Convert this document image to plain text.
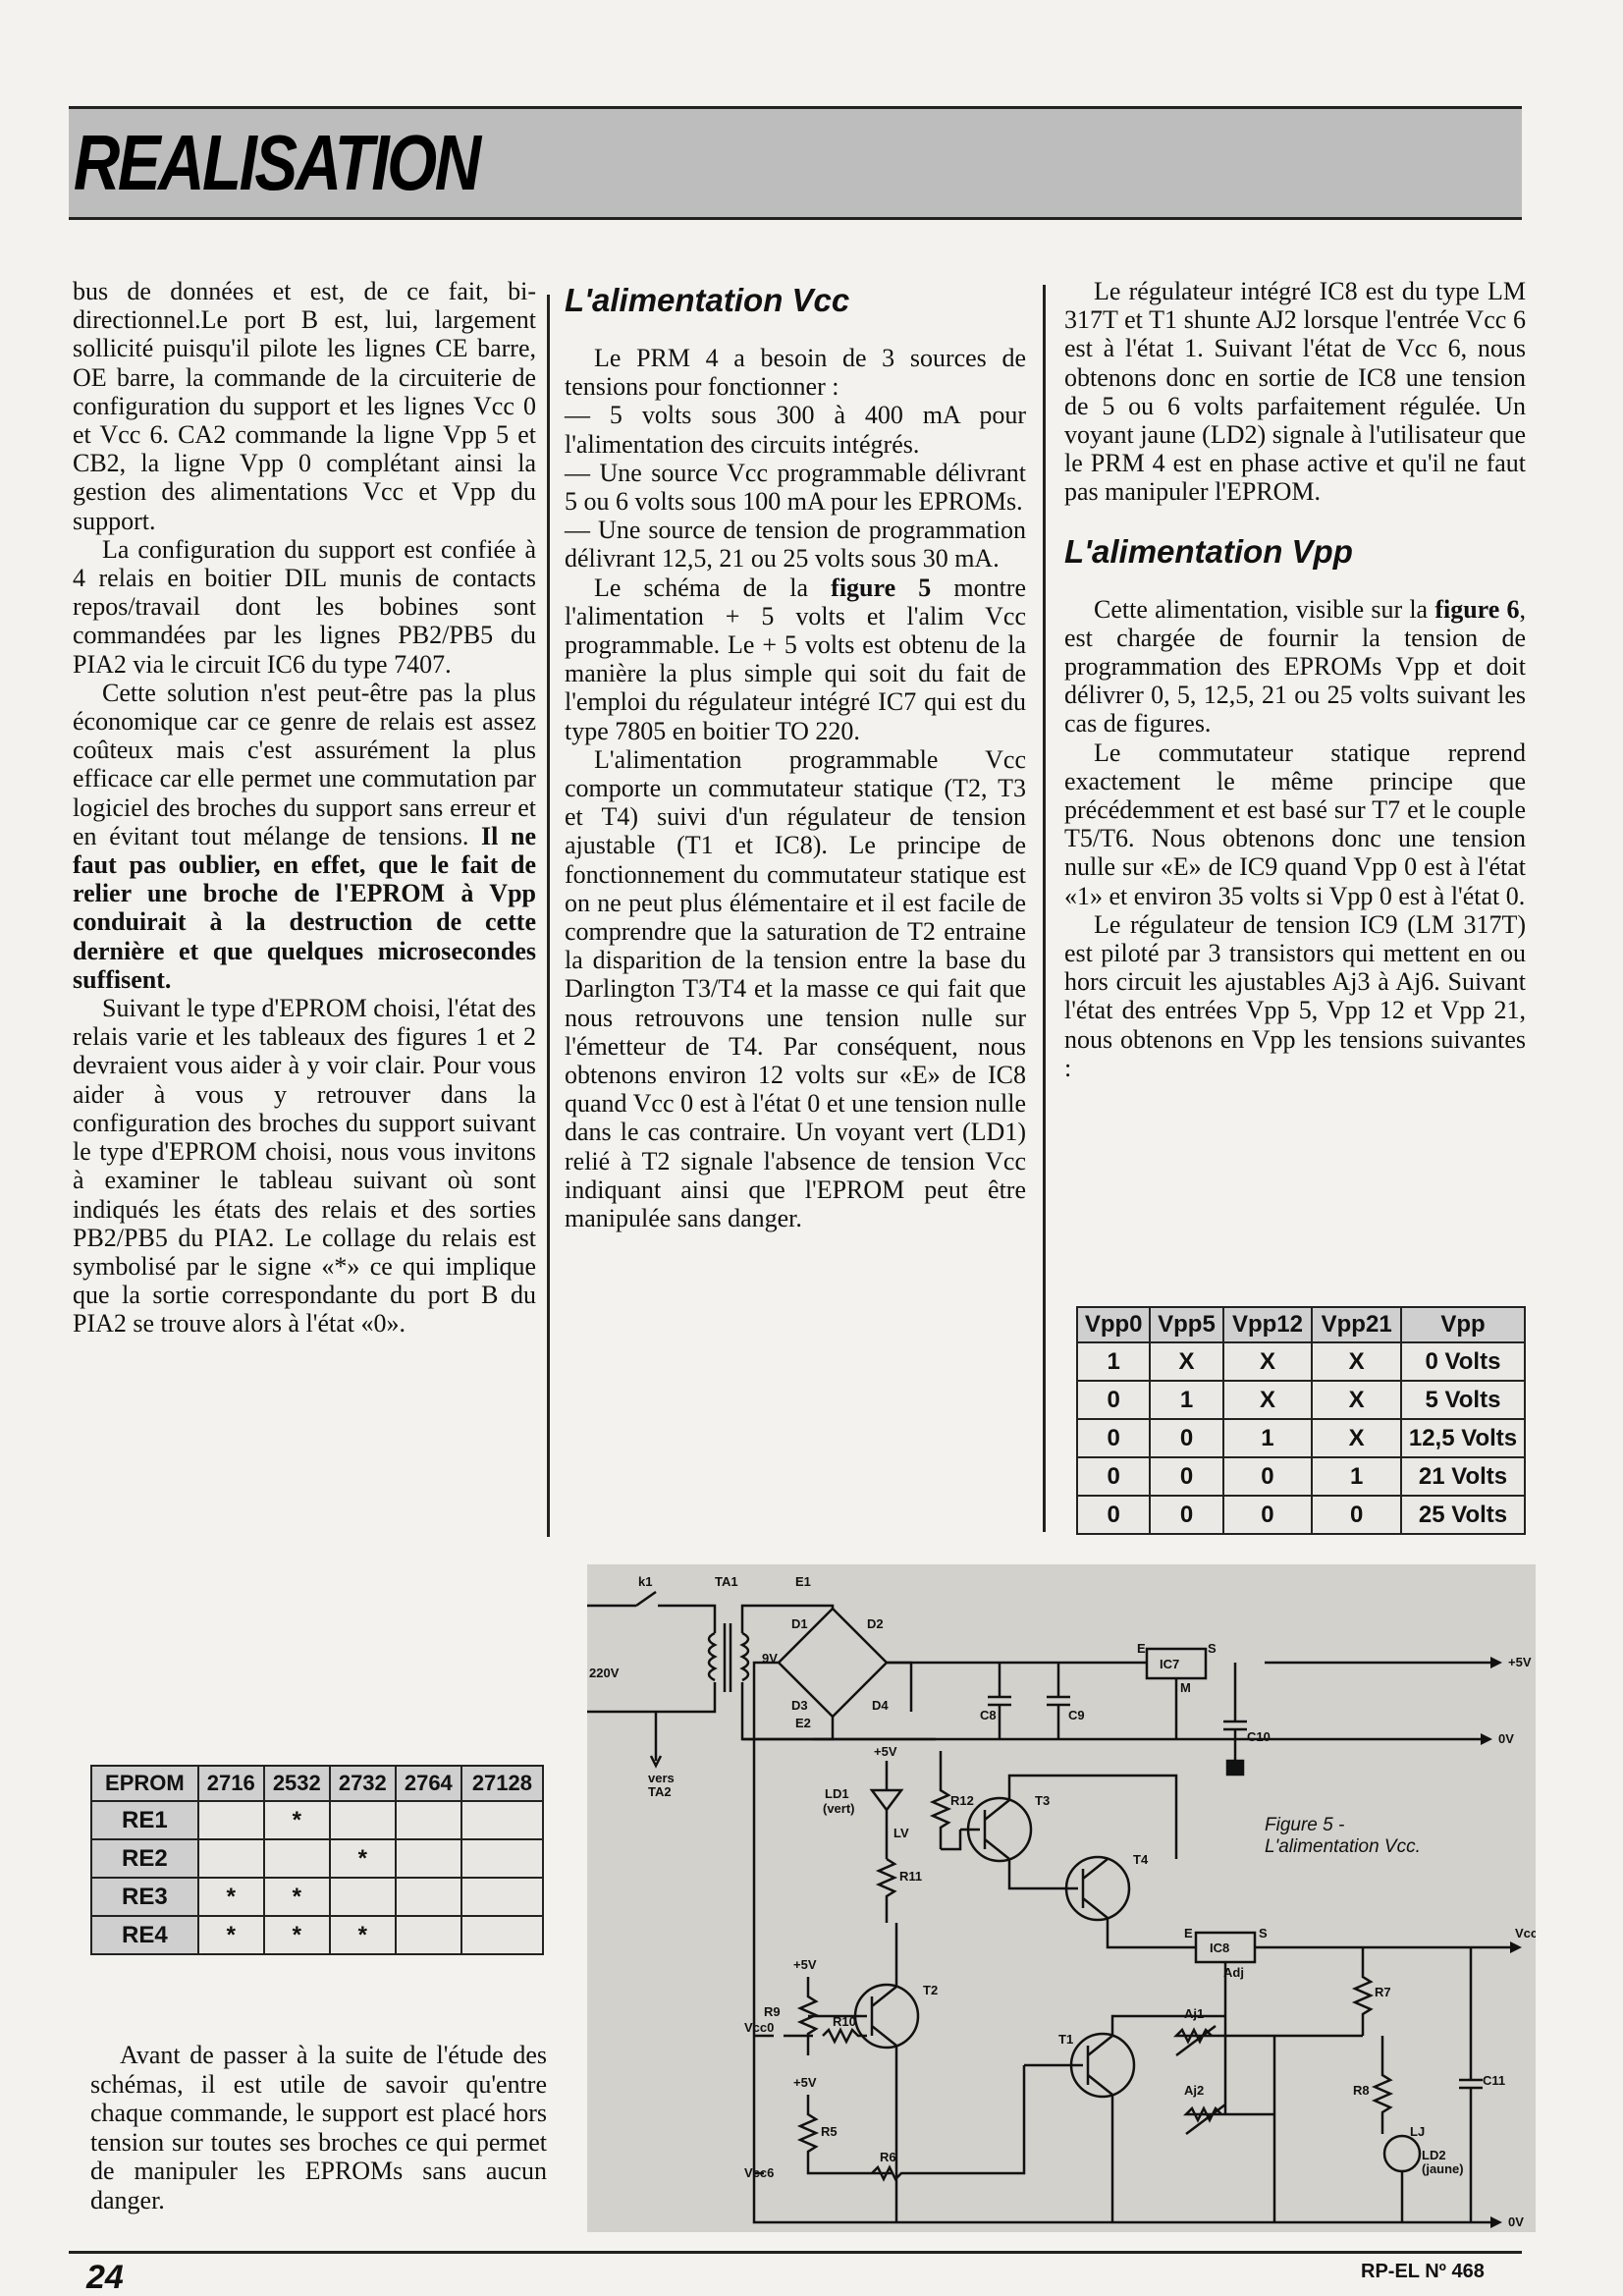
REALISATION

bus de données et est, de ce fait, bi-directionnel.Le port B est, lui, largement sollicité puisqu'il pilote les lignes CE barre, OE barre, la commande de la circuiterie de configuration du support et les lignes Vcc 0 et Vcc 6. CA2 commande la ligne Vpp 5 et CB2, la ligne Vpp 0 complétant ainsi la gestion des alimentations Vcc et Vpp du support.

La configuration du support est confiée à 4 relais en boitier DIL munis de contacts repos/travail dont les bobines sont commandées par les lignes PB2/PB5 du PIA2 via le circuit IC6 du type 7407.

Cette solution n'est peut-être pas la plus économique car ce genre de relais est assez coûteux mais c'est assurément la plus efficace car elle permet une commutation par logiciel des broches du support sans erreur et en évitant tout mélange de tensions. Il ne faut pas oublier, en effet, que le fait de relier une broche de l'EPROM à Vpp conduirait à la destruction de cette dernière et que quelques microsecondes suffisent.

Suivant le type d'EPROM choisi, l'état des relais varie et les tableaux des figures 1 et 2 devraient vous aider à y voir clair. Pour vous aider à vous y retrouver dans la configuration des broches du support suivant le type d'EPROM choisi, nous vous invitons à examiner le tableau suivant où sont indiqués les états des relais et des sorties PB2/PB5 du PIA2. Le collage du relais est symbolisé par le signe «*» ce qui implique que la sortie correspondante du port B du PIA2 se trouve alors à l'état «0».

L'alimentation Vcc

Le PRM 4 a besoin de 3 sources de tensions pour fonctionner :

— 5 volts sous 300 à 400 mA pour l'alimentation des circuits intégrés.

— Une source Vcc programmable délivrant 5 ou 6 volts sous 100 mA pour les EPROMs.

— Une source de tension de programmation délivrant 12,5, 21 ou 25 volts sous 30 mA.

Le schéma de la figure 5 montre l'alimentation + 5 volts et l'alim Vcc programmable. Le + 5 volts est obtenu de la manière la plus simple qui soit du fait de l'emploi du régulateur intégré IC7 qui est du type 7805 en boitier TO 220.

L'alimentation programmable Vcc comporte un commutateur statique (T2, T3 et T4) suivi d'un régulateur de tension ajustable (T1 et IC8). Le principe de fonctionnement du commutateur statique est on ne peut plus élémentaire et il est facile de comprendre que la saturation de T2 entraine la disparition de la tension entre la base du Darlington T3/T4 et la masse ce qui fait que nous retrouvons une tension nulle sur l'émetteur de T4. Par conséquent, nous obtenons environ 12 volts sur «E» de IC8 quand Vcc 0 est à l'état 0 et une tension nulle dans le cas contraire. Un voyant vert (LD1) relié à T2 signale l'absence de tension Vcc indiquant ainsi que l'EPROM peut être manipulée sans danger.

Le régulateur intégré IC8 est du type LM 317T et T1 shunte AJ2 lorsque l'entrée Vcc 6 est à l'état 1. Suivant l'état de Vcc 6, nous obtenons donc en sortie de IC8 une tension de 5 ou 6 volts parfaitement régulée. Un voyant jaune (LD2) signale à l'utilisateur que le PRM 4 est en phase active et qu'il ne faut pas manipuler l'EPROM.

L'alimentation Vpp

Cette alimentation, visible sur la figure 6, est chargée de fournir la tension de programmation des EPROMs Vpp et doit délivrer 0, 5, 12,5, 21 ou 25 volts suivant les cas de figures.

Le commutateur statique reprend exactement le même principe que précédemment et est basé sur T7 et le couple T5/T6. Nous obtenons donc une tension nulle sur «E» de IC9 quand Vpp 0 est à l'état «1» et environ 35 volts si Vpp 0 est à l'état 0.

Le régulateur de tension IC9 (LM 317T) est piloté par 3 transistors qui mettent en ou hors circuit les ajustables Aj3 à Aj6. Suivant l'état des entrées Vpp 5, Vpp 12 et Vpp 21, nous obtenons en Vpp les tensions suivantes :

Vpp0	Vpp5	Vpp12	Vpp21	Vpp
1	X	X	X	0 Volts
0	1	X	X	5 Volts
0	0	1	X	12,5 Volts
0	0	0	1	21 Volts
0	0	0	0	25 Volts
EPROM	2716	2532	2732	2764	27128
RE1		*			
RE2			*		
RE3	*	*			
RE4	*	*	*		

Avant de passer à la suite de l'étude des schémas, il est utile de savoir qu'entre chaque commande, le support est placé hors tension sur toutes ses broches ce qui permet de manipuler les EPROMs sans aucun danger.

k1	TA1	E1
220V
9V
E2
D1	D2
D3	D4
IC7
E	S
M
+5V
C8	C9
C10	0V
vers
TA2
+5V
LD1
(vert)
LV
R11
R12	T3
T4
T2
T1
+5V
R9
R10
Vcc0
+5V
R5
R6
Vcc6
IC8
Adj
E	S	Vcc
R7
R8
Aj1
Aj2
C11
LJ
LD2
(jaune)
0V
Figure 5 -
L'alimentation Vcc.
24	RP-EL Nº 468
